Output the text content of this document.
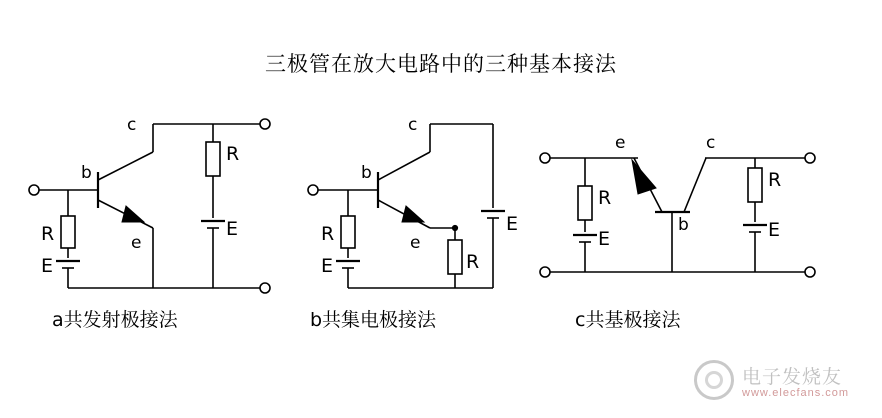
三极管在放大电路中的三种基本接法
b
c
e
R
E
R
E
b
c
e
R
E	R
E
e	c
b
R
E
R
E
a共发射极接法	b共集电极接法	c共基极接法
电子发烧友
www.elecfans.com
